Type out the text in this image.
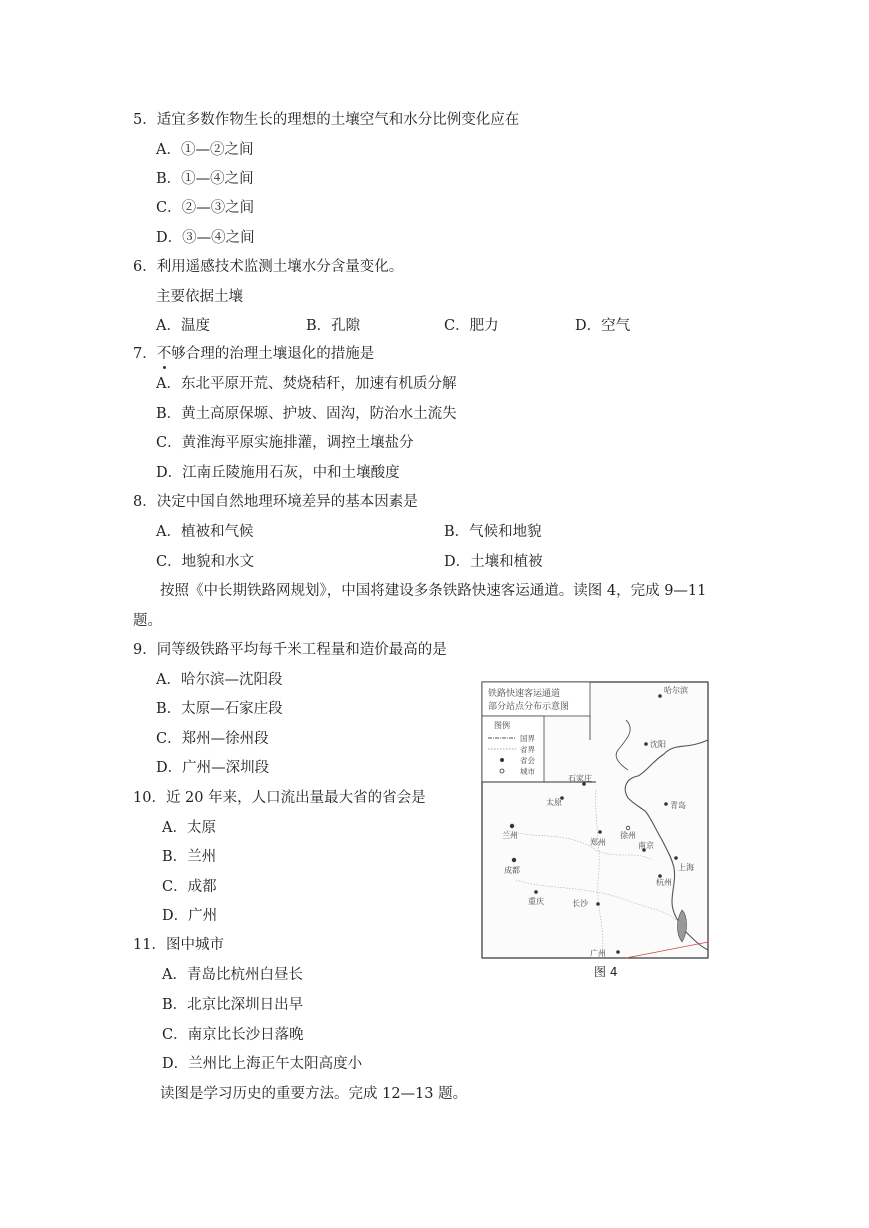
5．适宜多数作物生长的理想的土壤空气和水分比例变化应在
A．①—②之间
B．①—④之间
C．②—③之间
D．③—④之间
6．利用遥感技术监测土壤水分含量变化。
主要依据土壤
A．温度	B．孔隙	C．肥力	D．空气
7．不够合理的治理土壤退化的措施是
A．东北平原开荒、焚烧秸秆，加速有机质分解
B．黄土高原保塬、护坡、固沟，防治水土流失
C．黄淮海平原实施排灌，调控土壤盐分
D．江南丘陵施用石灰，中和土壤酸度
8．决定中国自然地理环境差异的基本因素是
A．植被和气候	B．气候和地貌
C．地貌和水文	D．土壤和植被
按照《中长期铁路网规划》，中国将建设多条铁路快速客运通道。读图 4，完成 9—11
题。
9．同等级铁路平均每千米工程量和造价最高的是
A．哈尔滨—沈阳段
B．太原—石家庄段
C．郑州—徐州段
D．广州—深圳段
10．近 20 年来，人口流出量最大省的省会是
A．太原
B．兰州
C．成都
D．广州
11．图中城市
A．青岛比杭州白昼长
B．北京比深圳日出早
C．南京比长沙日落晚
D．兰州比上海正午太阳高度小
读图是学习历史的重要方法。完成 12—13 题。
铁路快速客运通道
部分站点分布示意图
图例
国界
省界
省会
城市
哈尔滨
沈阳
石家庄
太原	青岛
兰州
郑州
徐州
南京
成都	上海
杭州
重庆	长沙
广州
图 4
